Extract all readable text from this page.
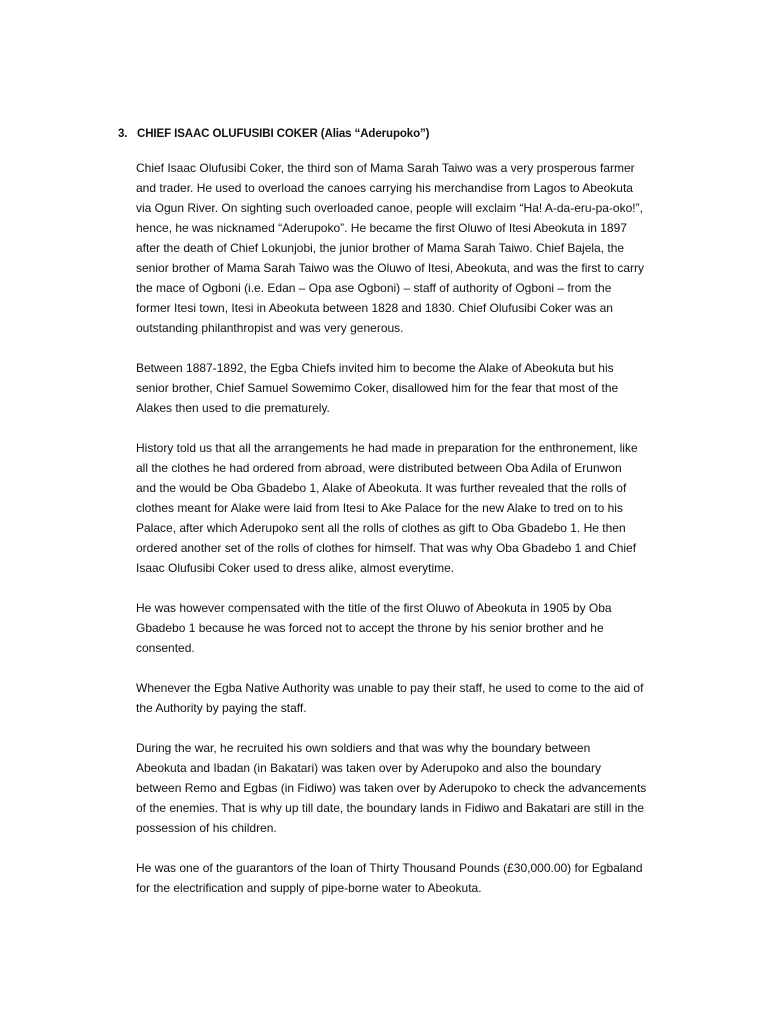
3. CHIEF ISAAC OLUFUSIBI COKER (Alias “Aderupoko”)

Chief Isaac Olufusibi Coker, the third son of Mama Sarah Taiwo was a very prosperous farmer
and trader. He used to overload the canoes carrying his merchandise from Lagos to Abeokuta
via Ogun River. On sighting such overloaded canoe, people will exclaim “Ha! A-da-eru-pa-oko!”,
hence, he was nicknamed “Aderupoko”. He became the first Oluwo of Itesi Abeokuta in 1897
after the death of Chief Lokunjobi, the junior brother of Mama Sarah Taiwo. Chief Bajela, the
senior brother of Mama Sarah Taiwo was the Oluwo of Itesi, Abeokuta, and was the first to carry
the mace of Ogboni (i.e. Edan – Opa ase Ogboni) – staff of authority of Ogboni – from the
former Itesi town, Itesi in Abeokuta between 1828 and 1830. Chief Olufusibi Coker was an
outstanding philanthropist and was very generous.

Between 1887-1892, the Egba Chiefs invited him to become the Alake of Abeokuta but his
senior brother, Chief Samuel Sowemimo Coker, disallowed him for the fear that most of the
Alakes then used to die prematurely.

History told us that all the arrangements he had made in preparation for the enthronement, like
all the clothes he had ordered from abroad, were distributed between Oba Adila of Erunwon
and the would be Oba Gbadebo 1, Alake of Abeokuta. It was further revealed that the rolls of
clothes meant for Alake were laid from Itesi to Ake Palace for the new Alake to tred on to his
Palace, after which Aderupoko sent all the rolls of clothes as gift to Oba Gbadebo 1. He then
ordered another set of the rolls of clothes for himself. That was why Oba Gbadebo 1 and Chief
Isaac Olufusibi Coker used to dress alike, almost everytime.

He was however compensated with the title of the first Oluwo of Abeokuta in 1905 by Oba
Gbadebo 1 because he was forced not to accept the throne by his senior brother and he
consented.

Whenever the Egba Native Authority was unable to pay their staff, he used to come to the aid of
the Authority by paying the staff.

During the war, he recruited his own soldiers and that was why the boundary between
Abeokuta and Ibadan (in Bakatari) was taken over by Aderupoko and also the boundary
between Remo and Egbas (in Fidiwo) was taken over by Aderupoko to check the advancements
of the enemies. That is why up till date, the boundary lands in Fidiwo and Bakatari are still in the
possession of his children.

He was one of the guarantors of the loan of Thirty Thousand Pounds (£30,000.00) for Egbaland
for the electrification and supply of pipe-borne water to Abeokuta.
